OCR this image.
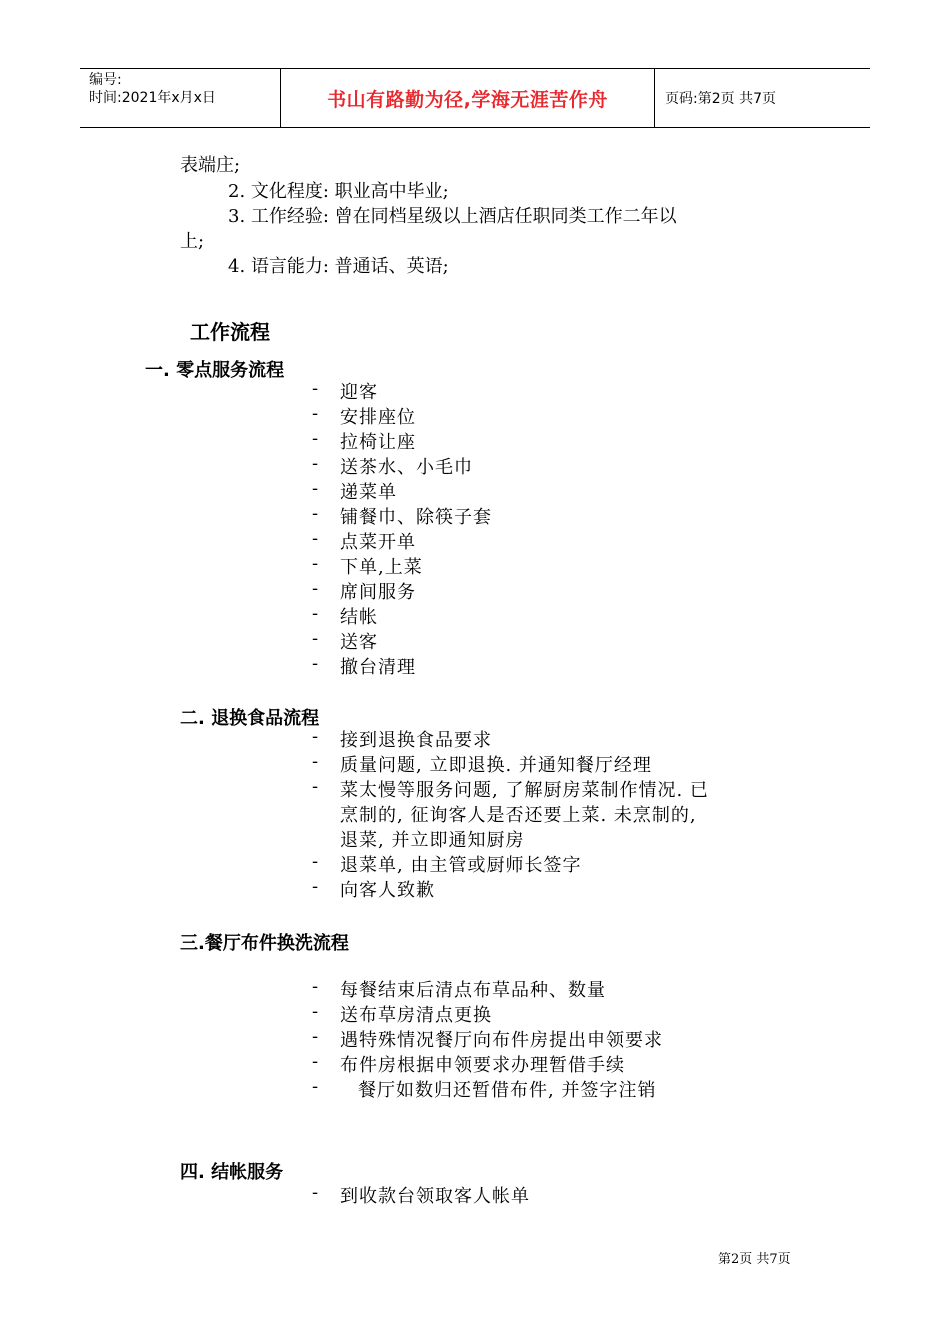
编号:
时间:2021年x月x日	书山有路勤为径,学海无涯苦作舟	页码:第2页 共7页
表端庄;
2. 文化程度: 职业高中毕业;
3. 工作经验: 曾在同档星级以上酒店任职同类工作二年以
上;
4. 语言能力: 普通话、英语;
工作流程
一. 零点服务流程
- 迎客
- 安排座位
- 拉椅让座
- 送茶水、小毛巾
- 递菜单
- 铺餐巾、除筷子套
- 点菜开单
- 下单,上菜
- 席间服务
- 结帐
- 送客
- 撤台清理
二. 退换食品流程
- 接到退换食品要求
- 质量问题, 立即退换. 并通知餐厅经理
- 菜太慢等服务问题, 了解厨房菜制作情况. 已
烹制的, 征询客人是否还要上菜. 未烹制的,
退菜, 并立即通知厨房
- 退菜单, 由主管或厨师长签字
- 向客人致歉
三.餐厅布件换洗流程
- 每餐结束后清点布草品种、数量
- 送布草房清点更换
- 遇特殊情况餐厅向布件房提出申领要求
- 布件房根据申领要求办理暂借手续
- 餐厅如数归还暂借布件, 并签字注销
四. 结帐服务
- 到收款台领取客人帐单
第2页 共7页
